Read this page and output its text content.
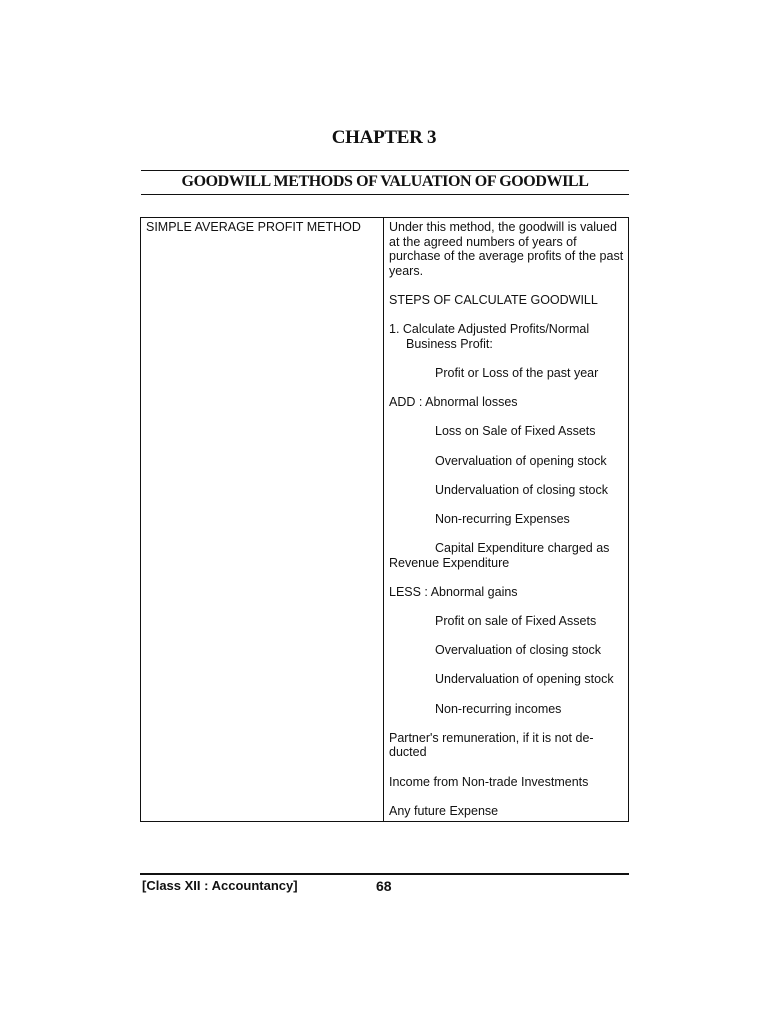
CHAPTER 3
GOODWILL METHODS OF VALUATION OF GOODWILL
SIMPLE AVERAGE PROFIT METHOD	Under this method, the goodwill is valued at the agreed numbers of years of purchase of the average profits of the past years.

STEPS OF CALCULATE GOODWILL

1. Calculate Adjusted Profits/Normal
Business Profit:

Profit or Loss of the past year

ADD : Abnormal losses

Loss on Sale of Fixed Assets

Overvaluation of opening stock

Undervaluation of closing stock

Non-recurring Expenses

Capital Expenditure charged as
Revenue Expenditure

LESS : Abnormal gains

Profit on sale of Fixed Assets

Overvaluation of closing stock

Undervaluation of opening stock

Non-recurring incomes

Partner's remuneration, if it is not de-
ducted

Income from Non-trade Investments

Any future Expense

[Class XII : Accountancy]	68
